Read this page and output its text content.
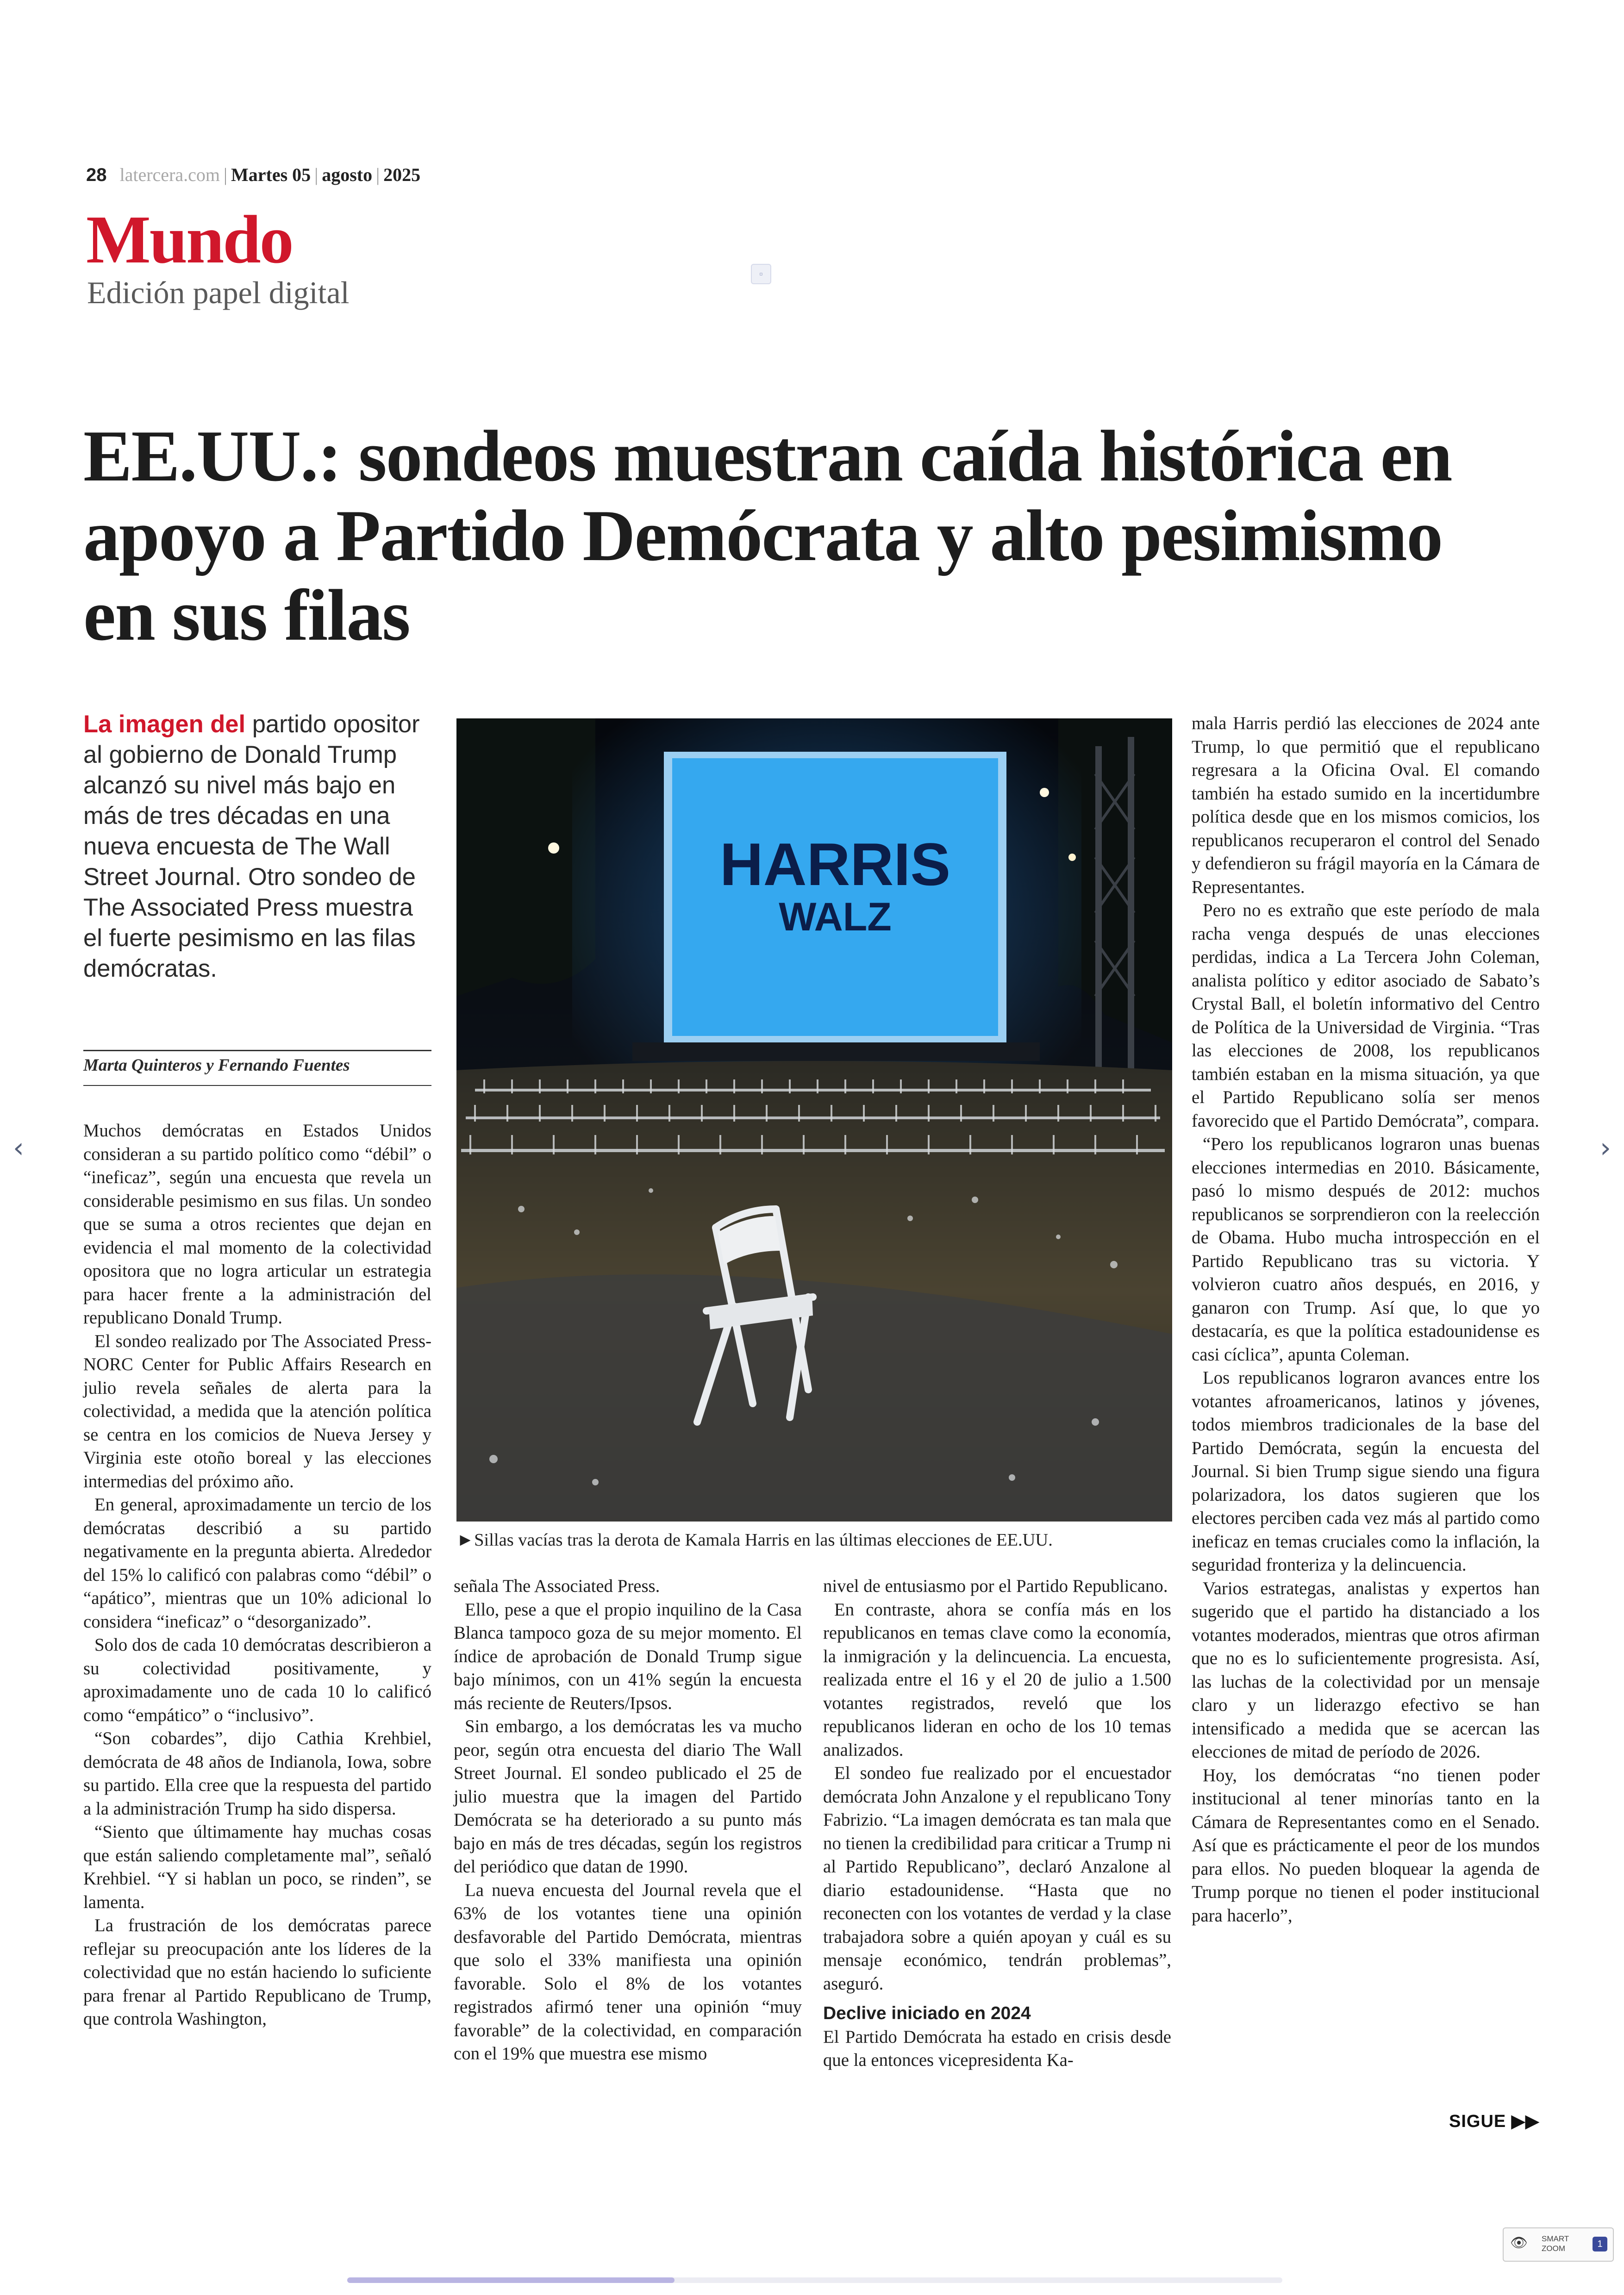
28 latercera.com | Martes 05 | agosto | 2025
Mundo
Edición papel digital
▫
EE.UU.: sondeos muestran caída histórica en apoyo a Partido Demócrata y alto pesimismo en sus filas
La imagen del partido opositor al gobierno de Donald Trump alcanzó su nivel más bajo en más de tres décadas en una nueva encuesta de The Wall Street Journal. Otro sondeo de The Associated Press muestra el fuerte pesimismo en las filas demócratas.
Marta Quinteros y Fernando Fuentes
HARRIS
WALZ
►Sillas vacías tras la derota de Kamala Harris en las últimas elecciones de EE.UU.

Muchos demócratas en Estados Unidos consideran a su partido político como “débil” o “ineficaz”, según una encuesta que revela un considerable pesimismo en sus filas. Un sondeo que se suma a otros recientes que dejan en evidencia el mal momento de la colectividad opositora que no logra articular un estrategia para hacer frente a la administración del republicano Donald Trump.

El sondeo realizado por The Associated Press-NORC Center for Public Affairs Research en julio revela señales de alerta para la colectividad, a medida que la atención política se centra en los comicios de Nueva Jersey y Virginia este otoño boreal y las elecciones intermedias del próximo año.

En general, aproximadamente un tercio de los demócratas describió a su partido negativamente en la pregunta abierta. Alrededor del 15% lo calificó con palabras como “débil” o “apático”, mientras que un 10% adicional lo considera “ineficaz” o “desorganizado”.

Solo dos de cada 10 demócratas describieron a su colectividad positivamente, y aproximadamente uno de cada 10 lo calificó como “empático” o “inclusivo”.

“Son cobardes”, dijo Cathia Krehbiel, demócrata de 48 años de Indianola, Iowa, sobre su partido. Ella cree que la respuesta del partido a la administración Trump ha sido dispersa.

“Siento que últimamente hay muchas cosas que están saliendo completamente mal”, señaló Krehbiel. “Y si hablan un poco, se rinden”, se lamenta.

La frustración de los demócratas parece reflejar su preocupación ante los líderes de la colectividad que no están haciendo lo suficiente para frenar al Partido Republicano de Trump, que controla Washington,

señala The Associated Press.

Ello, pese a que el propio inquilino de la Casa Blanca tampoco goza de su mejor momento. El índice de aprobación de Donald Trump sigue bajo mínimos, con un 41% según la encuesta más reciente de Reuters/Ipsos.

Sin embargo, a los demócratas les va mucho peor, según otra encuesta del diario The Wall Street Journal. El sondeo publicado el 25 de julio muestra que la imagen del Partido Demócrata se ha deteriorado a su punto más bajo en más de tres décadas, según los registros del periódico que datan de 1990.

La nueva encuesta del Journal revela que el 63% de los votantes tiene una opinión desfavorable del Partido Demócrata, mientras que solo el 33% manifiesta una opinión favorable. Solo el 8% de los votantes registrados afirmó tener una opinión “muy favorable” de la colectividad, en comparación con el 19% que muestra ese mismo

nivel de entusiasmo por el Partido Republicano.

En contraste, ahora se confía más en los republicanos en temas clave como la economía, la inmigración y la delincuencia. La encuesta, realizada entre el 16 y el 20 de julio a 1.500 votantes registrados, reveló que los republicanos lideran en ocho de los 10 temas analizados.

El sondeo fue realizado por el encuestador demócrata John Anzalone y el republicano Tony Fabrizio. “La imagen demócrata es tan mala que no tienen la credibilidad para criticar a Trump ni al Partido Republicano”, declaró Anzalone al diario estadounidense. “Hasta que no reconecten con los votantes de verdad y la clase trabajadora sobre a quién apoyan y cuál es su mensaje económico, tendrán problemas”, aseguró.

Declive iniciado en 2024

El Partido Demócrata ha estado en crisis desde que la entonces vicepresidenta Ka-

mala Harris perdió las elecciones de 2024 ante Trump, lo que permitió que el republicano regresara a la Oficina Oval. El comando también ha estado sumido en la incertidumbre política desde que en los mismos comicios, los republicanos recuperaron el control del Senado y defendieron su frágil mayoría en la Cámara de Representantes.

Pero no es extraño que este período de mala racha venga después de unas elecciones perdidas, indica a La Tercera John Coleman, analista político y editor asociado de Sabato’s Crystal Ball, el boletín informativo del Centro de Política de la Universidad de Virginia. “Tras las elecciones de 2008, los republicanos también estaban en la misma situación, ya que el Partido Republicano solía ser menos favorecido que el Partido Demócrata”, compara.

“Pero los republicanos lograron unas buenas elecciones intermedias en 2010. Básicamente, pasó lo mismo después de 2012: muchos republicanos se sorprendieron con la reelección de Obama. Hubo mucha introspección en el Partido Republicano tras su victoria. Y volvieron cuatro años después, en 2016, y ganaron con Trump. Así que, lo que yo destacaría, es que la política estadounidense es casi cíclica”, apunta Coleman.

Los republicanos lograron avances entre los votantes afroamericanos, latinos y jóvenes, todos miembros tradicionales de la base del Partido Demócrata, según la encuesta del Journal. Si bien Trump sigue siendo una figura polarizadora, los datos sugieren que los electores perciben cada vez más al partido como ineficaz en temas cruciales como la inflación, la seguridad fronteriza y la delincuencia.

Varios estrategas, analistas y expertos han sugerido que el partido ha distanciado a los votantes moderados, mientras que otros afirman que no es lo suficientemente progresista. Así, las luchas de la colectividad por un mensaje claro y un liderazgo efectivo se han intensificado a medida que se acercan las elecciones de mitad de período de 2026.

Hoy, los demócratas “no tienen poder institucional al tener minorías tanto en la Cámara de Representantes como en el Senado. Así que es prácticamente el peor de los mundos para ellos. No pueden bloquear la agenda de Trump porque no tienen el poder institucional para hacerlo”,

SIGUE ▶▶
‹	›
👁 SMART
ZOOM	1
